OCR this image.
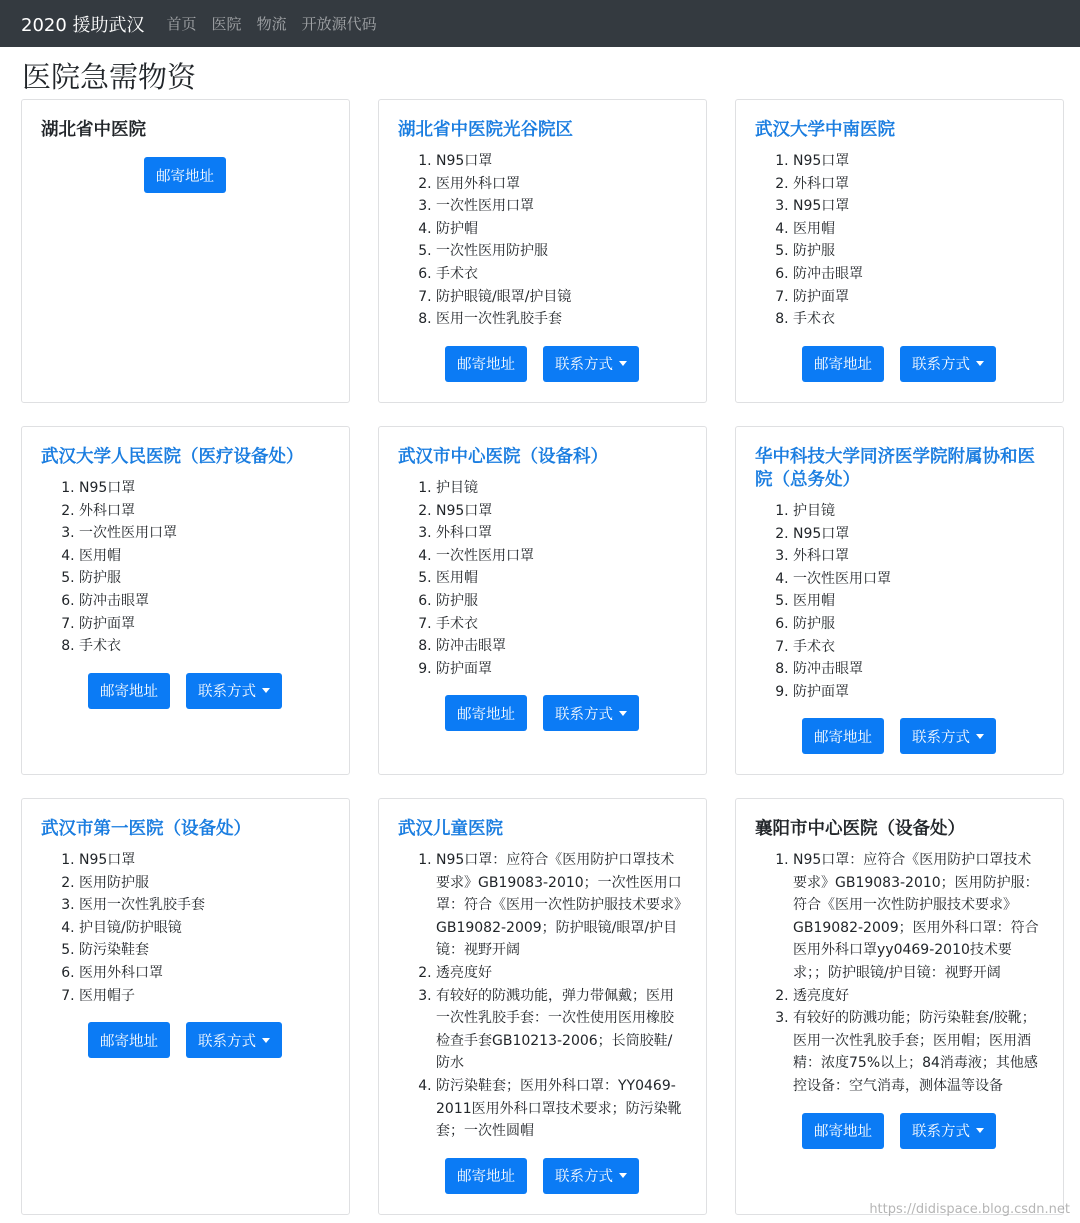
2020 援助武汉 首页 医院 物流 开放源代码
医院急需物资
湖北省中医院
邮寄地址
湖北省中医院光谷院区
1. N95口罩
2. 医用外科口罩
3. 一次性医用口罩
4. 防护帽
5. 一次性医用防护服
6. 手术衣
7. 防护眼镜/眼罩/护目镜
8. 医用一次性乳胶手套
邮寄地址	联系方式
武汉大学中南医院
1. N95口罩
2. 外科口罩
3. N95口罩
4. 医用帽
5. 防护服
6. 防冲击眼罩
7. 防护面罩
8. 手术衣
邮寄地址	联系方式
武汉大学人民医院（医疗设备处）
1. N95口罩
2. 外科口罩
3. 一次性医用口罩
4. 医用帽
5. 防护服
6. 防冲击眼罩
7. 防护面罩
8. 手术衣
邮寄地址	联系方式
武汉市中心医院（设备科）
1. 护目镜
2. N95口罩
3. 外科口罩
4. 一次性医用口罩
5. 医用帽
6. 防护服
7. 手术衣
8. 防冲击眼罩
9. 防护面罩
邮寄地址	联系方式
华中科技大学同济医学院附属协和医院（总务处）
1. 护目镜
2. N95口罩
3. 外科口罩
4. 一次性医用口罩
5. 医用帽
6. 防护服
7. 手术衣
8. 防冲击眼罩
9. 防护面罩
邮寄地址	联系方式
武汉市第一医院（设备处）
1. N95口罩
2. 医用防护服
3. 医用一次性乳胶手套
4. 护目镜/防护眼镜
5. 防污染鞋套
6. 医用外科口罩
7. 医用帽子
邮寄地址	联系方式
武汉儿童医院
1. N95口罩：应符合《医用防护口罩技术要求》GB19083-2010；一次性医用口罩：符合《医用一次性防护服技术要求》GB19082-2009；防护眼镜/眼罩/护目镜：视野开阔
2. 透亮度好
3. 有较好的防溅功能，弹力带佩戴；医用一次性乳胶手套：一次性使用医用橡胶检查手套GB10213-2006；长筒胶鞋/防水
4. 防污染鞋套；医用外科口罩：YY0469-2011医用外科口罩技术要求；防污染靴套；一次性圆帽
邮寄地址	联系方式
襄阳市中心医院（设备处）
1. N95口罩：应符合《医用防护口罩技术要求》GB19083-2010；医用防护服：符合《医用一次性防护服技术要求》GB19082-2009；医用外科口罩：符合医用外科口罩yy0469-2010技术要求；；防护眼镜/护目镜：视野开阔
2. 透亮度好
3. 有较好的防溅功能；防污染鞋套/胶靴；医用一次性乳胶手套；医用帽；医用酒精：浓度75%以上；84消毒液；其他感控设备：空气消毒，测体温等设备
邮寄地址	联系方式
https://didispace.blog.csdn.net
